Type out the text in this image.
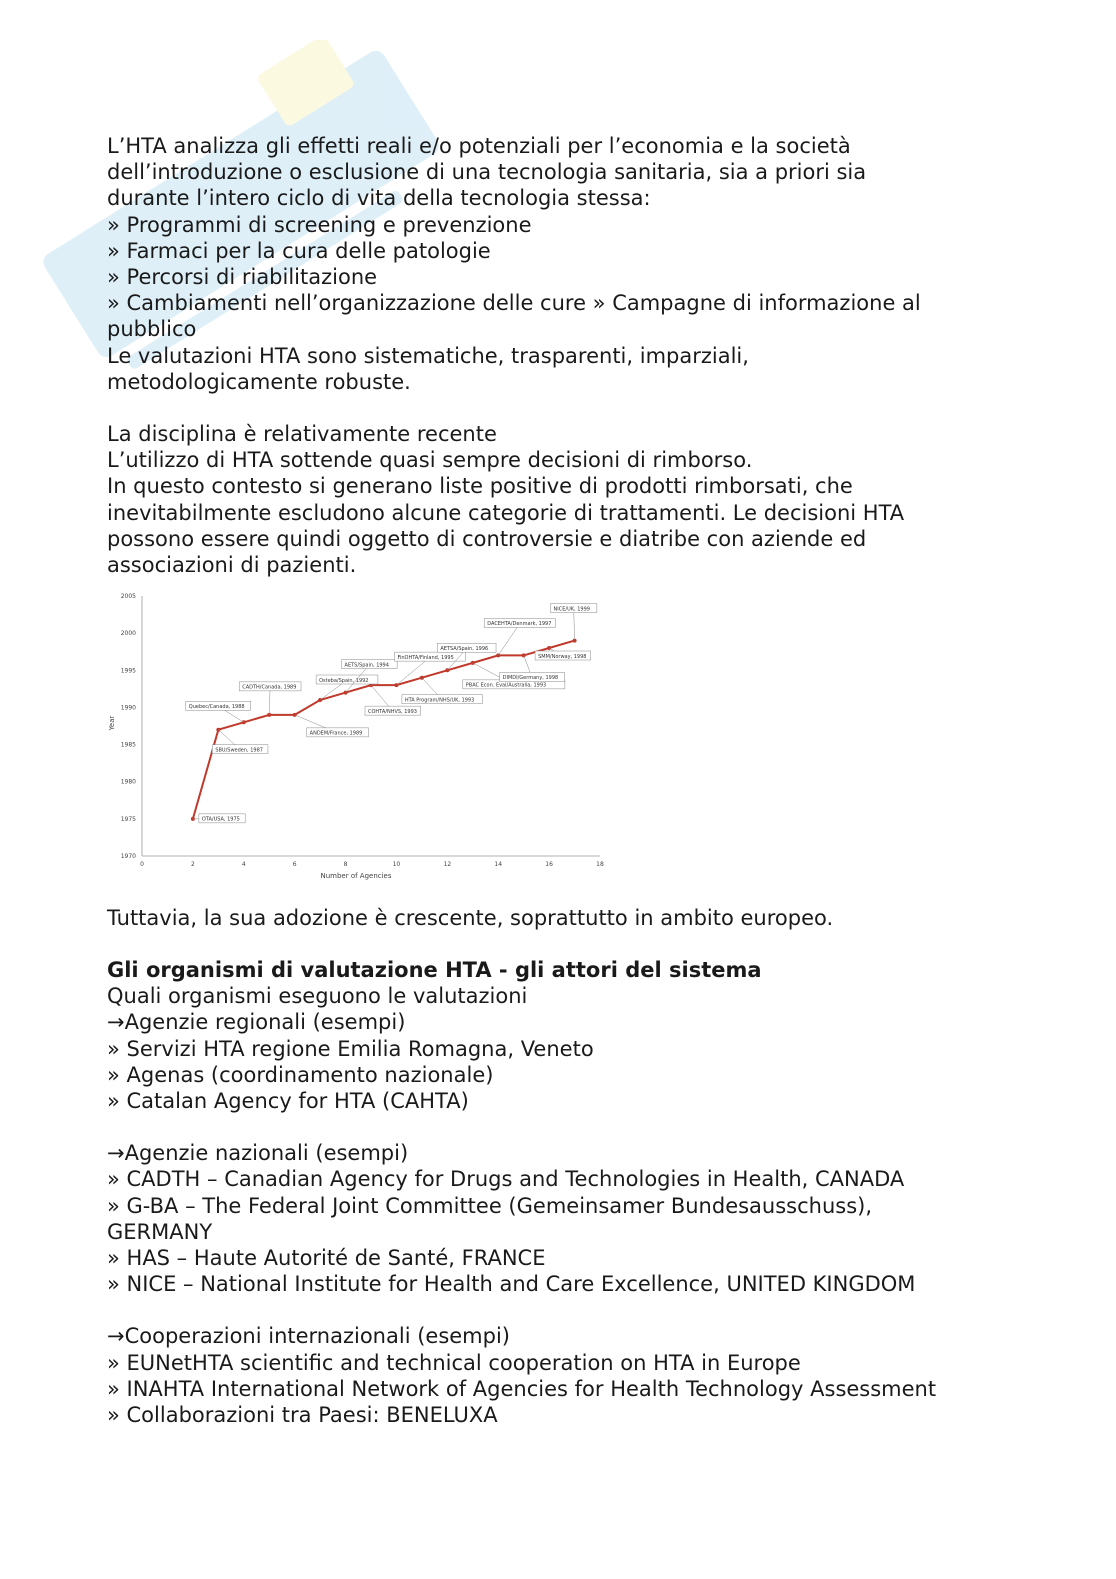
L’HTA analizza gli effetti reali e/o potenziali per l’economia e la società
dell’introduzione o esclusione di una tecnologia sanitaria, sia a priori sia
durante l’intero ciclo di vita della tecnologia stessa:
» Programmi di screening e prevenzione
» Farmaci per la cura delle patologie
» Percorsi di riabilitazione
» Cambiamenti nell’organizzazione delle cure » Campagne di informazione al
pubblico
Le valutazioni HTA sono sistematiche, trasparenti, imparziali,
metodologicamente robuste.
La disciplina è relativamente recente
L’utilizzo di HTA sottende quasi sempre decisioni di rimborso.
In questo contesto si generano liste positive di prodotti rimborsati, che
inevitabilmente escludono alcune categorie di trattamenti. Le decisioni HTA
possono essere quindi oggetto di controversie e diatribe con aziende ed
associazioni di pazienti.
0	2	4	6	8	10	12	14	16	18
1970
1975
1980
1985
1990
1995
2000
2005
OTA/USA, 1975
SBU/Sweden, 1987
Quebec/Canada, 1988
CADTH/Canada, 1989
ANDEM/France, 1989
Osteba/Spain, 1992
AETS/Spain, 1994
COHTA/NHVS, 1993
FinOHTA/Finland, 1995
HTA Program/NHS/UK, 1993
AETSA/Spain, 1996
PBAC Econ. Eval/Australia, 1993
DACEHTA/Denmark, 1997
DIMDI/Germany, 1998
SMM/Norway, 1998
NICE/UK, 1999
Number of Agencies
Year
Tuttavia, la sua adozione è crescente, soprattutto in ambito europeo.
Gli organismi di valutazione HTA - gli attori del sistema
Quali organismi eseguono le valutazioni
→Agenzie regionali (esempi)
» Servizi HTA regione Emilia Romagna, Veneto
» Agenas (coordinamento nazionale)
» Catalan Agency for HTA (CAHTA)
→Agenzie nazionali (esempi)
» CADTH – Canadian Agency for Drugs and Technologies in Health, CANADA
» G-BA – The Federal Joint Committee (Gemeinsamer Bundesausschuss),
GERMANY
» HAS – Haute Autorité de Santé, FRANCE
» NICE – National Institute for Health and Care Excellence, UNITED KINGDOM
→Cooperazioni internazionali (esempi)
» EUNetHTA scientific and technical cooperation on HTA in Europe
» INAHTA International Network of Agencies for Health Technology Assessment
» Collaborazioni tra Paesi: BENELUXA
